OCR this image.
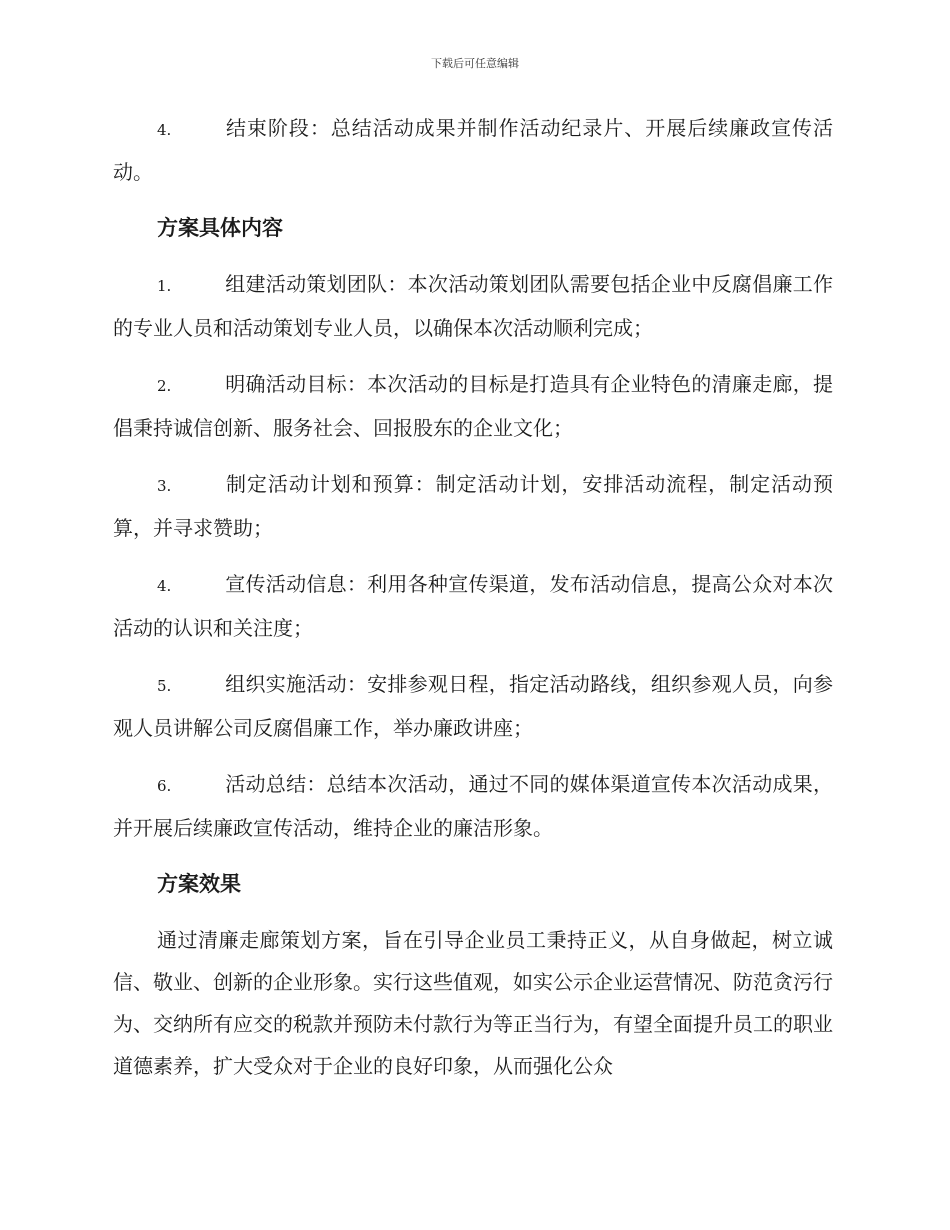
下载后可任意编辑

4.	结束阶段：总结活动成果并制作活动纪录片、开展后续廉政宣传活动。

方案具体内容

1.	组建活动策划团队：本次活动策划团队需要包括企业中反腐倡廉工作的专业人员和活动策划专业人员，以确保本次活动顺利完成；

2.	明确活动目标：本次活动的目标是打造具有企业特色的清廉走廊，提倡秉持诚信创新、服务社会、回报股东的企业文化；

3.	制定活动计划和预算：制定活动计划，安排活动流程，制定活动预算，并寻求赞助；

4.	宣传活动信息：利用各种宣传渠道，发布活动信息，提高公众对本次活动的认识和关注度；

5.	组织实施活动：安排参观日程，指定活动路线，组织参观人员，向参观人员讲解公司反腐倡廉工作，举办廉政讲座；

6.	活动总结：总结本次活动，通过不同的媒体渠道宣传本次活动成果，并开展后续廉政宣传活动，维持企业的廉洁形象。

方案效果

通过清廉走廊策划方案，旨在引导企业员工秉持正义，从自身做起，树立诚信、敬业、创新的企业形象。实行这些值观，如实公示企业运营情况、防范贪污行为、交纳所有应交的税款并预防未付款行为等正当行为，有望全面提升员工的职业道德素养，扩大受众对于企业的良好印象，从而强化公众
